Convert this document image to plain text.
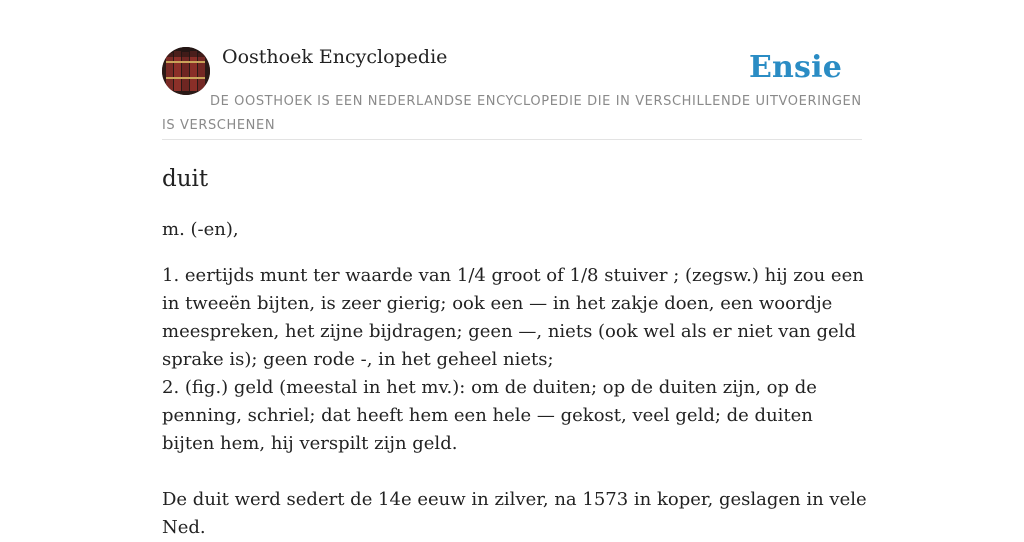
Oosthoek Encyclopedie	Ensie
DE OOSTHOEK IS EEN NEDERLANDSE ENCYCLOPEDIE DIE IN VERSCHILLENDE UITVOERINGEN IS VERSCHENEN
duit
m. (-en),

1. eertijds munt ter waarde van 1/4 groot of 1/8 stuiver ; (zegsw.) hij zou een in tweeën bijten, is zeer gierig; ook een — in het zakje doen, een woordje meespreken, het zijne bijdragen; geen —, niets (ook wel als er niet van geld sprake is); geen rode -, in het geheel niets;

2. (fig.) geld (meestal in het mv.): om de duiten; op de duiten zijn, op de penning, schriel; dat heeft hem een hele — gekost, veel geld; de duiten bijten hem, hij verspilt zijn geld.

De duit werd sedert de 14e eeuw in zilver, na 1573 in koper, geslagen in vele Ned.
